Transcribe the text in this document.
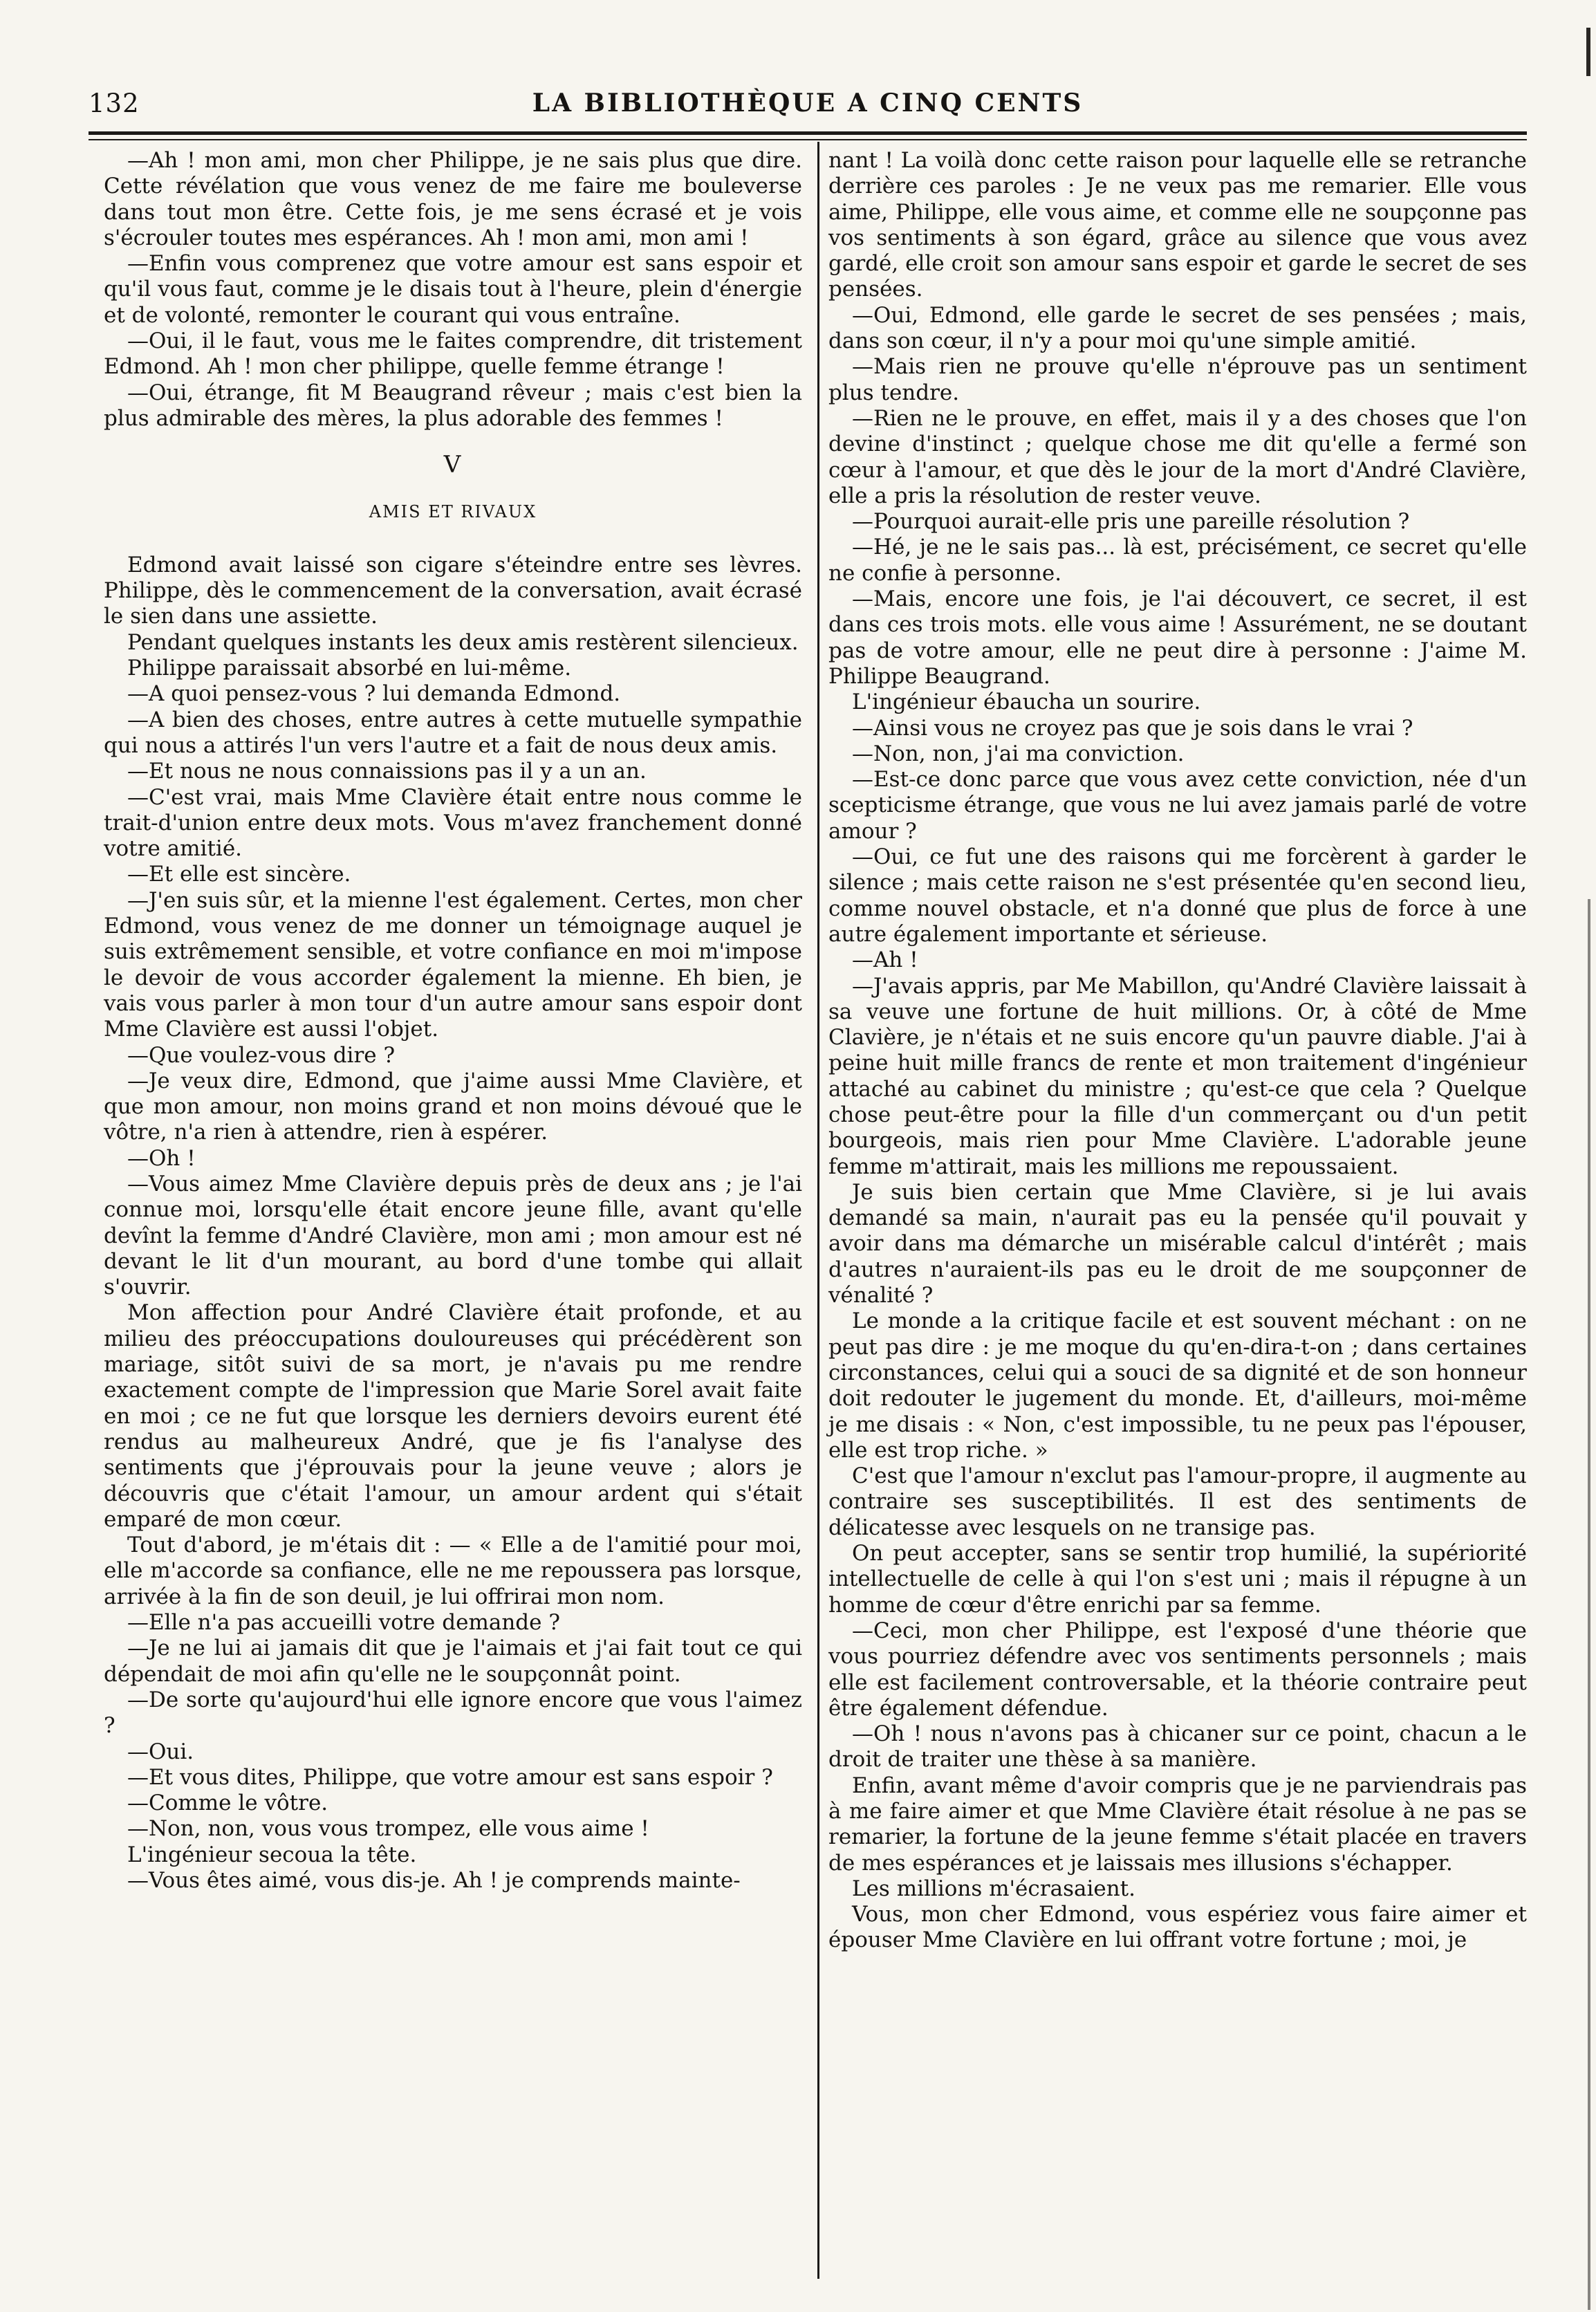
132	LA BIBLIOTHÈQUE A CINQ CENTS

—Ah ! mon ami, mon cher Philippe, je ne sais plus que dire. Cette révélation que vous venez de me faire me bouleverse dans tout mon être. Cette fois, je me sens écrasé et je vois s'écrouler toutes mes espérances. Ah ! mon ami, mon ami !

—Enfin vous comprenez que votre amour est sans espoir et qu'il vous faut, comme je le disais tout à l'heure, plein d'énergie et de volonté, remonter le courant qui vous entraîne.

—Oui, il le faut, vous me le faites comprendre, dit tristement Edmond. Ah ! mon cher philippe, quelle femme étrange !

—Oui, étrange, fit M Beaugrand rêveur ; mais c'est bien la plus admirable des mères, la plus adorable des femmes !

V
AMIS ET RIVAUX

Edmond avait laissé son cigare s'éteindre entre ses lèvres. Philippe, dès le commencement de la conversation, avait écrasé le sien dans une assiette.

Pendant quelques instants les deux amis restèrent silencieux.

Philippe paraissait absorbé en lui-même.

—A quoi pensez-vous ? lui demanda Edmond.

—A bien des choses, entre autres à cette mutuelle sympathie qui nous a attirés l'un vers l'autre et a fait de nous deux amis.

—Et nous ne nous connaissions pas il y a un an.

—C'est vrai, mais Mme Clavière était entre nous comme le trait-d'union entre deux mots. Vous m'avez franchement donné votre amitié.

—Et elle est sincère.

—J'en suis sûr, et la mienne l'est également. Certes, mon cher Edmond, vous venez de me donner un témoignage auquel je suis extrêmement sensible, et votre confiance en moi m'impose le devoir de vous accorder également la mienne. Eh bien, je vais vous parler à mon tour d'un autre amour sans espoir dont Mme Clavière est aussi l'objet.

—Que voulez-vous dire ?

—Je veux dire, Edmond, que j'aime aussi Mme Clavière, et que mon amour, non moins grand et non moins dévoué que le vôtre, n'a rien à attendre, rien à espérer.

—Oh !

—Vous aimez Mme Clavière depuis près de deux ans ; je l'ai connue moi, lorsqu'elle était encore jeune fille, avant qu'elle devînt la femme d'André Clavière, mon ami ; mon amour est né devant le lit d'un mourant, au bord d'une tombe qui allait s'ouvrir.

Mon affection pour André Clavière était profonde, et au milieu des préoccupations douloureuses qui précédèrent son mariage, sitôt suivi de sa mort, je n'avais pu me rendre exactement compte de l'impression que Marie Sorel avait faite en moi ; ce ne fut que lorsque les derniers devoirs eurent été rendus au malheureux André, que je fis l'analyse des sentiments que j'éprouvais pour la jeune veuve ; alors je découvris que c'était l'amour, un amour ardent qui s'était emparé de mon cœur.

Tout d'abord, je m'étais dit : — « Elle a de l'amitié pour moi, elle m'accorde sa confiance, elle ne me repoussera pas lorsque, arrivée à la fin de son deuil, je lui offrirai mon nom.

—Elle n'a pas accueilli votre demande ?

—Je ne lui ai jamais dit que je l'aimais et j'ai fait tout ce qui dépendait de moi afin qu'elle ne le soupçonnât point.

—De sorte qu'aujourd'hui elle ignore encore que vous l'aimez ?

—Oui.

—Et vous dites, Philippe, que votre amour est sans espoir ?

—Comme le vôtre.

—Non, non, vous vous trompez, elle vous aime !

L'ingénieur secoua la tête.

—Vous êtes aimé, vous dis-je. Ah ! je comprends mainte-

nant ! La voilà donc cette raison pour laquelle elle se retranche derrière ces paroles : Je ne veux pas me remarier. Elle vous aime, Philippe, elle vous aime, et comme elle ne soupçonne pas vos sentiments à son égard, grâce au silence que vous avez gardé, elle croit son amour sans espoir et garde le secret de ses pensées.

—Oui, Edmond, elle garde le secret de ses pensées ; mais, dans son cœur, il n'y a pour moi qu'une simple amitié.

—Mais rien ne prouve qu'elle n'éprouve pas un sentiment plus tendre.

—Rien ne le prouve, en effet, mais il y a des choses que l'on devine d'instinct ; quelque chose me dit qu'elle a fermé son cœur à l'amour, et que dès le jour de la mort d'André Clavière, elle a pris la résolution de rester veuve.

—Pourquoi aurait-elle pris une pareille résolution ?

—Hé, je ne le sais pas... là est, précisément, ce secret qu'elle ne confie à personne.

—Mais, encore une fois, je l'ai découvert, ce secret, il est dans ces trois mots. elle vous aime ! Assurément, ne se doutant pas de votre amour, elle ne peut dire à personne : J'aime M. Philippe Beaugrand.

L'ingénieur ébaucha un sourire.

—Ainsi vous ne croyez pas que je sois dans le vrai ?

—Non, non, j'ai ma conviction.

—Est-ce donc parce que vous avez cette conviction, née d'un scepticisme étrange, que vous ne lui avez jamais parlé de votre amour ?

—Oui, ce fut une des raisons qui me forcèrent à garder le silence ; mais cette raison ne s'est présentée qu'en second lieu, comme nouvel obstacle, et n'a donné que plus de force à une autre également importante et sérieuse.

—Ah !

—J'avais appris, par Me Mabillon, qu'André Clavière laissait à sa veuve une fortune de huit millions. Or, à côté de Mme Clavière, je n'étais et ne suis encore qu'un pauvre diable. J'ai à peine huit mille francs de rente et mon traitement d'ingénieur attaché au cabinet du ministre ; qu'est-ce que cela ? Quelque chose peut-être pour la fille d'un commerçant ou d'un petit bourgeois, mais rien pour Mme Clavière. L'adorable jeune femme m'attirait, mais les millions me repoussaient.

Je suis bien certain que Mme Clavière, si je lui avais demandé sa main, n'aurait pas eu la pensée qu'il pouvait y avoir dans ma démarche un misérable calcul d'intérêt ; mais d'autres n'auraient-ils pas eu le droit de me soupçonner de vénalité ?

Le monde a la critique facile et est souvent méchant : on ne peut pas dire : je me moque du qu'en-dira-t-on ; dans certaines circonstances, celui qui a souci de sa dignité et de son honneur doit redouter le jugement du monde. Et, d'ailleurs, moi-même je me disais : « Non, c'est impossible, tu ne peux pas l'épouser, elle est trop riche. »

C'est que l'amour n'exclut pas l'amour-propre, il augmente au contraire ses susceptibilités. Il est des sentiments de délicatesse avec lesquels on ne transige pas.

On peut accepter, sans se sentir trop humilié, la supériorité intellectuelle de celle à qui l'on s'est uni ; mais il répugne à un homme de cœur d'être enrichi par sa femme.

—Ceci, mon cher Philippe, est l'exposé d'une théorie que vous pourriez défendre avec vos sentiments personnels ; mais elle est facilement controversable, et la théorie contraire peut être également défendue.

—Oh ! nous n'avons pas à chicaner sur ce point, chacun a le droit de traiter une thèse à sa manière.

Enfin, avant même d'avoir compris que je ne parviendrais pas à me faire aimer et que Mme Clavière était résolue à ne pas se remarier, la fortune de la jeune femme s'était placée en travers de mes espérances et je laissais mes illusions s'échapper.

Les millions m'écrasaient.

Vous, mon cher Edmond, vous espériez vous faire aimer et épouser Mme Clavière en lui offrant votre fortune ; moi, je
